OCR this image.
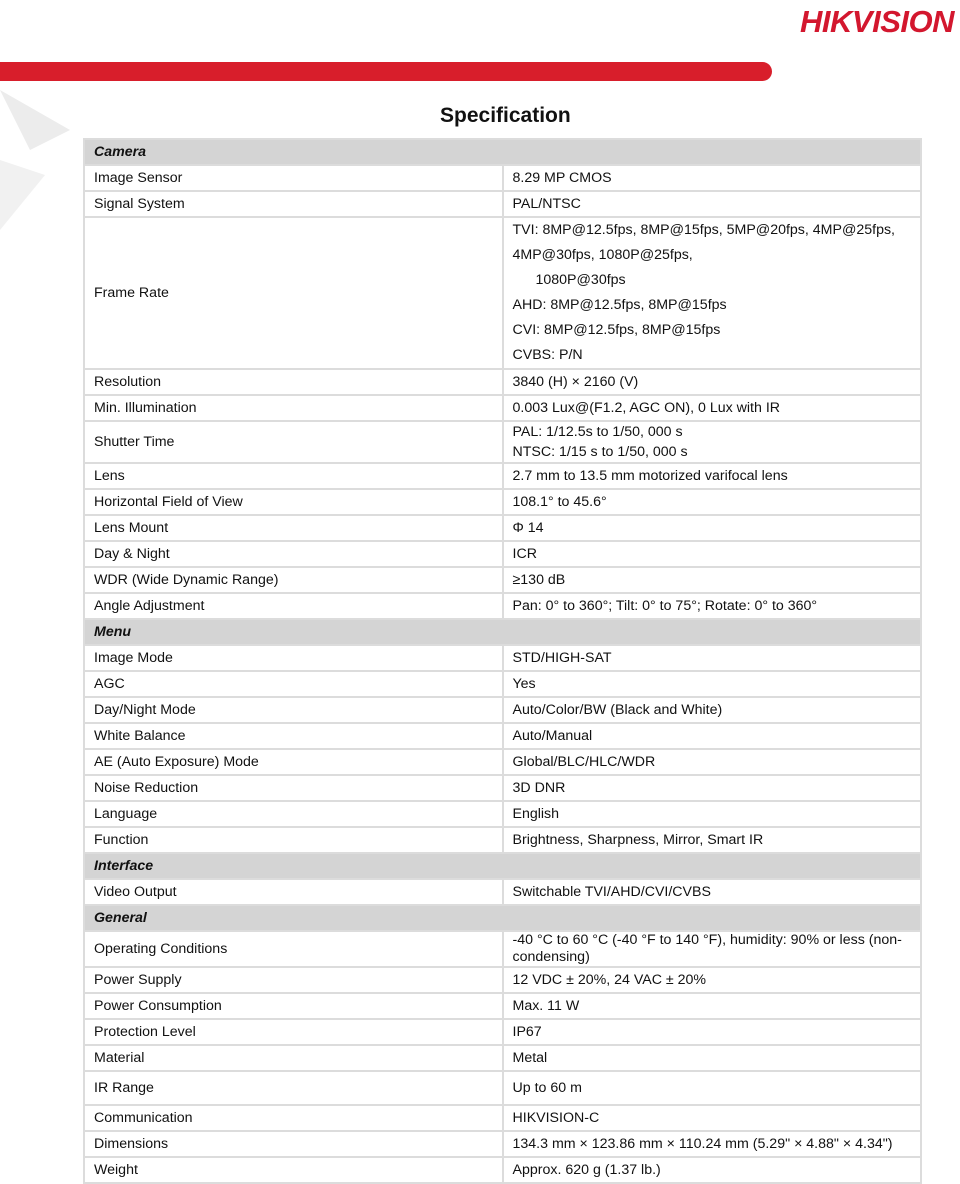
HIKVISION
Specification
Camera	
Image Sensor	8.29 MP CMOS
Signal System	PAL/NTSC
Frame Rate	TVI: 8MP@12.5fps, 8MP@15fps, 5MP@20fps, 4MP@25fps, 4MP@30fps, 1080P@25fps,
1080P@30fps
AHD: 8MP@12.5fps, 8MP@15fps
CVI: 8MP@12.5fps, 8MP@15fps
CVBS: P/N

Resolution	3840 (H) × 2160 (V)
Min. Illumination	0.003 Lux@(F1.2, AGC ON), 0 Lux with IR
Shutter Time	PAL: 1/12.5s to 1/50, 000 s
NTSC: 1/15 s to 1/50, 000 s

Lens	2.7 mm to 13.5 mm motorized varifocal lens
Horizontal Field of View	108.1° to 45.6°
Lens Mount	Φ 14
Day & Night	ICR
WDR (Wide Dynamic Range)	≥130 dB
Angle Adjustment	Pan: 0° to 360°; Tilt: 0° to 75°; Rotate: 0° to 360°
Menu	
Image Mode	STD/HIGH-SAT
AGC	Yes
Day/Night Mode	Auto/Color/BW (Black and White)
White Balance	Auto/Manual
AE (Auto Exposure) Mode	Global/BLC/HLC/WDR
Noise Reduction	3D DNR
Language	English
Function	Brightness, Sharpness, Mirror, Smart IR
Interface	
Video Output	Switchable TVI/AHD/CVI/CVBS
General	
Operating Conditions	-40 °C to 60 °C (-40 °F to 140 °F), humidity: 90% or less (non-condensing)
Power Supply	12 VDC ± 20%, 24 VAC ± 20%
Power Consumption	Max. 11 W
Protection Level	IP67
Material	Metal
IR Range	Up to 60 m
Communication	HIKVISION-C
Dimensions	134.3 mm × 123.86 mm × 110.24 mm (5.29" × 4.88" × 4.34")
Weight	Approx. 620 g (1.37 lb.)
